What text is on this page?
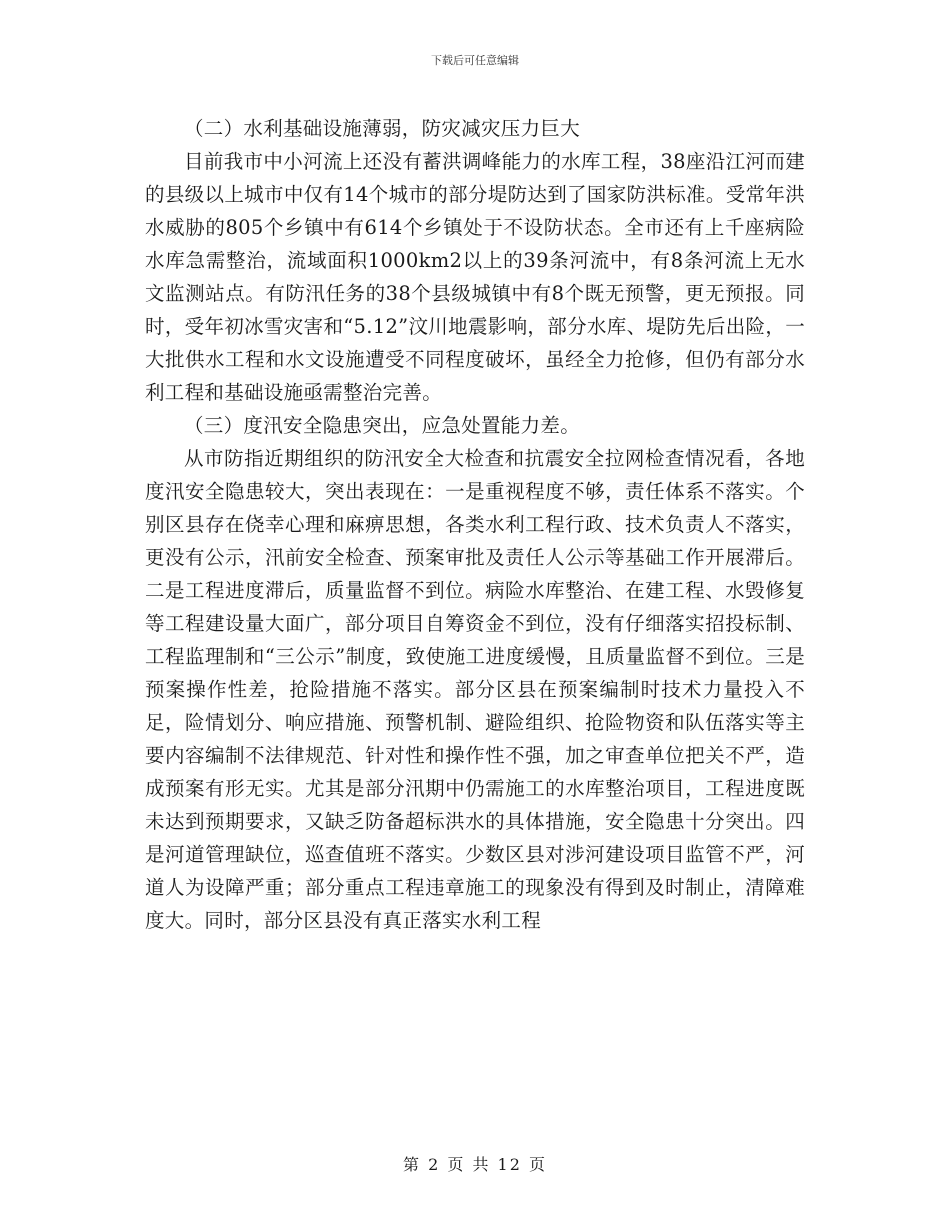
下载后可任意编辑

（二）水利基础设施薄弱，防灾减灾压力巨大

目前我市中小河流上还没有蓄洪调峰能力的水库工程，38座沿江河而建的县级以上城市中仅有14个城市的部分堤防达到了国家防洪标准。受常年洪水威胁的805个乡镇中有614个乡镇处于不设防状态。全市还有上千座病险水库急需整治，流域面积1000km2以上的39条河流中，有8条河流上无水文监测站点。有防汛任务的38个县级城镇中有8个既无预警，更无预报。同时，受年初冰雪灾害和“5.12”汶川地震影响，部分水库、堤防先后出险，一大批供水工程和水文设施遭受不同程度破坏，虽经全力抢修，但仍有部分水利工程和基础设施亟需整治完善。

（三）度汛安全隐患突出，应急处置能力差。

从市防指近期组织的防汛安全大检查和抗震安全拉网检查情况看，各地度汛安全隐患较大，突出表现在：一是重视程度不够，责任体系不落实。个别区县存在侥幸心理和麻痹思想，各类水利工程行政、技术负责人不落实，更没有公示，汛前安全检查、预案审批及责任人公示等基础工作开展滞后。二是工程进度滞后，质量监督不到位。病险水库整治、在建工程、水毁修复等工程建设量大面广，部分项目自筹资金不到位，没有仔细落实招投标制、工程监理制和“三公示”制度，致使施工进度缓慢，且质量监督不到位。三是预案操作性差，抢险措施不落实。部分区县在预案编制时技术力量投入不足，险情划分、响应措施、预警机制、避险组织、抢险物资和队伍落实等主要内容编制不法律规范、针对性和操作性不强，加之审查单位把关不严，造成预案有形无实。尤其是部分汛期中仍需施工的水库整治项目，工程进度既未达到预期要求，又缺乏防备超标洪水的具体措施，安全隐患十分突出。四是河道管理缺位，巡查值班不落实。少数区县对涉河建设项目监管不严，河道人为设障严重；部分重点工程违章施工的现象没有得到及时制止，清障难度大。同时，部分区县没有真正落实水利工程

第 2 页 共 12 页
